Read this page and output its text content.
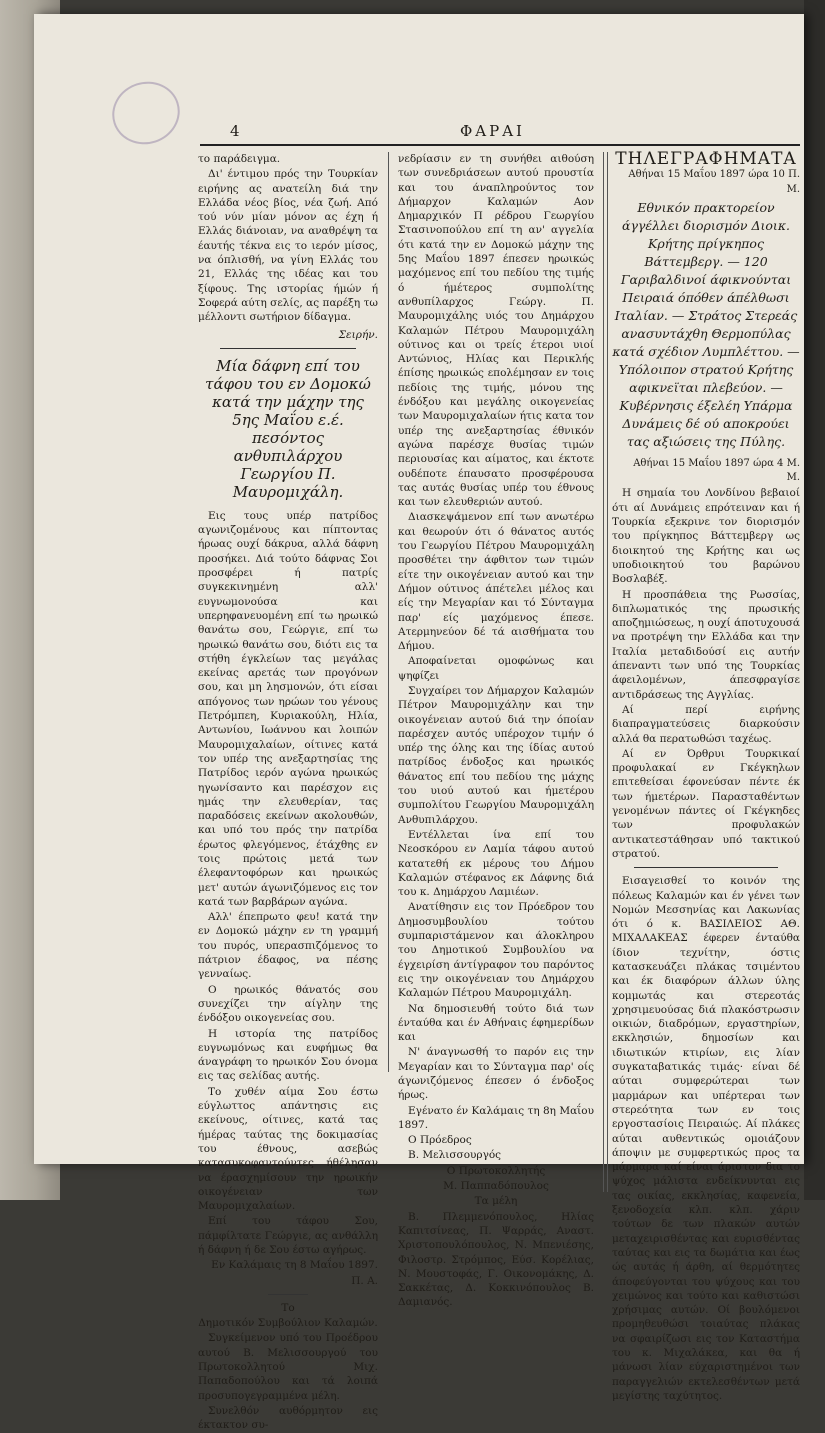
4	ΦΑΡΑΙ

το παράδειγμα.

Δι' έντιμου πρός την Τουρκίαν ειρήνης ας ανατείλη διά την Ελλάδα νέος βίος, νέα ζωή. Από τού νύν μίαν μόνον ας έχη ή Ελλάς διάνοιαν, να αναθρέψη τα έαυτής τέκνα εις το ιερόν μίσος, να όπλισθή, να γίνη Ελλάς του 21, Ελλάς της ιδέας και του ξίφους. Της ιστορίας ήμών ή Σοφερά αύτη σελίς, ας παρέξη τω μέλλοντι σωτήριον δίδαγμα.

Σειρήν.

Μία δάφνη επί του τάφου του εν Δομοκώ κατά την μάχην της 5ης Μαΐου ε.έ. πεσόντος ανθυπιλάρχου Γεωργίου Π. Μαυρομιχάλη.

Εις τους υπέρ πατρίδος αγωνιζομένους και πίπτοντας ήρωας ουχί δάκρυα, αλλά δάφνη προσήκει. Διά τούτο δάφνας Σοι προσφέρει ή πατρίς συγκεκινημένη αλλ' ευγνωμονούσα και υπερηφανευομένη επί τω ηρωικώ θανάτω σου, Γεώργιε, επί τω ηρωικώ θανάτω σου, διότι εις τα στήθη έγκλείων τας μεγάλας εκείνας αρετάς των προγόνων σου, και μη λησμονών, ότι είσαι απόγονος των ηρώων του γένους Πετρόμπεη, Κυριακούλη, Ηλία, Αντωνίου, Ιωάννου και λοιπών Μαυρομιχαλαίων, οίτινες κατά τον υπέρ της ανεξαρτησίας της Πατρίδος ιερόν αγώνα ηρωικώς ηγωνίσαντο και παρέσχον εις ημάς την ελευθερίαν, τας παραδόσεις εκείνων ακολουθών, και υπό του πρός την πατρίδα έρωτος φλεγόμενος, έτάχθης εν τοις πρώτοις μετά των έλεφαντοφόρων και ηρωικώς μετ' αυτών άγωνιζόμενος εις τον κατά των βαρβάρων αγώνα.

Αλλ' έπεπρωτο φευ! κατά την εν Δομοκώ μάχην εν τη γραμμή του πυρός, υπερασπιζόμενος το πάτριον έδαφος, να πέσης γενναίως.

Ο ηρωικός θάνατός σου συνεχίζει την αίγλην της ένδόξου οικογενείας σου.

Η ιστορία της πατρίδος ευγνωμόνως και ευφήμως θα άναγράφη το ηρωικόν Σου όνομα εις τας σελίδας αυτής.

Το χυθέν αίμα Σου έστω εύγλωττος απάντησις εις εκείνους, οίτινες, κατά τας ήμέρας ταύτας της δοκιμασίας του έθνους, ασεβώς κατασυκοφαντούντες ήθέλησαν να έρασχημίσουν την ηρωικήν οικογένειαν των Μαυρομιχαλαίων.

Επί του τάφου Σου, πάμφίλτατε Γεώργιε, ας ανθάλλη ή δάφνη ή δε Σου έστω αγήρως.

Εν Καλάμαις τη 8 Μαΐου 1897.

Π. Α.

Το

Δημοτικόν Συμβούλιον Καλαμών.

Συγκείμενον υπό του Προέδρου αυτού Β. Μελισσουργού του Πρωτοκολλητού Μιχ. Παπαδοπούλου και τά λοιπά προσυπογεγραμμένα μέλη.

Συνελθόν αυθόρμητον εις έκτακτον συ-

νεδρίασιν εν τη συνήθει αιθούση των συνεδριάσεων αυτού προυστία και του άναπληρούντος τον Δήμαρχον Καλαμών Αον Δημαρχικόν Π ρέδρου Γεωργίου Στασινοπούλου επί τη αν' αγγελία ότι κατά την εν Δομοκώ μάχην της 5ης Μαΐου 1897 έπεσεν ηρωικώς μαχόμενος επί του πεδίου της τιμής ό ήμέτερος συμπολίτης ανθυπίλαρχος Γεώργ. Π. Μαυρομιχάλης υιός του Δημάρχου Καλαμών Πέτρου Μαυρομιχάλη ούτινος και οι τρείς έτεροι υιοί Αντώνιος, Ηλίας και Περικλής έπίσης ηρωικώς επολέμησαν εν τοις πεδίοις της τιμής, μόνου της ένδόξου και μεγάλης οικογενείας των Μαυρομιχαλαίων ήτις κατα τον υπέρ της ανεξαρτησίας έθνικόν αγώνα παρέσχε θυσίας τιμών περιουσίας και αίματος, και έκτοτε ουδέποτε έπαυσατο προσφέρουσα τας αυτάς θυσίας υπέρ του έθνους και των ελευθεριών αυτού.

Διασκεψάμενον επί των ανωτέρω και θεωρούν ότι ό θάνατος αυτός του Γεωργίου Πέτρου Μαυρομιχάλη προσθέτει την άφθιτον των τιμών είτε την οικογένειαν αυτού και την Δήμον ούτινος άπέτελει μέλος και είς την Μεγαρίαν και τό Σύνταγμα παρ' είς μαχόμενος έπεσε. Ατερμηνεύον δέ τά αισθήματα του Δήμου.

Αποφαίνεται ομοφώνως και ψηφίζει

Συγχαίρει τον Δήμαρχον Καλαμών Πέτρον Μαυρομιχάλην και την οικογένειαν αυτού διά την όποίαν παρέσχεν αυτός υπέροχον τιμήν ό υπέρ της όλης και της ίδίας αυτού πατρίδος ένδοξος και ηρωικός θάνατος επί του πεδίου της μάχης του υιού αυτού και ήμετέρου συμπολίτου Γεωργίου Μαυρομιχάλη Ανθυπιλάρχου.

Εντέλλεται ίνα επί του Νεοσκόρου εν Λαμία τάφου αυτού κατατεθή εκ μέρους του Δήμου Καλαμών στέφανος εκ Δάφνης διά του κ. Δημάρχου Λαμιέων.

Ανατίθησιν εις τον Πρόεδρον του Δημοσυμβουλίου τούτου συμπαριστάμενον και άλοκληρου του Δημοτικού Συμβουλίου να έγχειρίση άντίγραφον του παρόντος εις την οικογένειαν του Δημάρχου Καλαμών Πέτρου Μαυρομιχάλη.

Να δημοσιευθή τούτο διά των ένταύθα και έν Αθήναις έφημερίδων και

Ν' άναγνωσθή το παρόν εις την Μεγαρίαν και το Σύνταγμα παρ' οίς άγωνιζόμενος έπεσεν ό ένδοξος ήρως.

Εγένατο έν Καλάμαις τη 8η Μαΐου 1897.

Ο Πρόεδρος

Β. Μελισσουργός

Ο Πρωτοκολλητής

Μ. Παππαδόπουλος

Τα μέλη

Β. Πλεμμενόπουλος, Ηλίας Καπιτσίνεας, Π. Ψαρράς, Αναστ. Χριστοπουλόπουλος, Ν. Μπενιέσης, Φιλοστρ. Στρόμπος, Εύσ. Κορέλιας, Ν. Μουστοφάς, Γ. Οικονομάκης, Δ. Σακκέτας, Δ. Κοκκινόπουλος Β. Δαμιανός.

ΤΗΛΕΓΡΑΦΗΜΑΤΑ

Αθήναι 15 Μαΐου 1897 ώρα 10 Π. Μ.

Εθνικόν πρακτορείον άγγέλλει διορισμόν Διοικ. Κρήτης πρίγκηπος Βάττεμβεργ. — 120 Γαριβαλδινοί άφικνούνται Πειραιά όπόθεν άπέλθωσι Ιταλίαν. — Στράτος Στερεάς ανασυντάχθη Θερμοπύλας κατά σχέδιον Λυμπλέττου. — Υπόλοιπον στρατού Κρήτης αφικνεϊται πλεβεύον. — Κυβέρνησις έξελέη Υπάρμα Δυνάμεις δέ ού αποκρούει τας αξιώσεις της Πύλης.

Αθήναι 15 Μαΐου 1897 ώρα 4 Μ. Μ.

Η σημαία του Λονδίνου βεβαιοί ότι αί Δυνάμεις επρότειναν και ή Τουρκία εξεκρινε τον διορισμόν του πρίγκηπος Βάττεμβεργ ως διοικητού της Κρήτης και ως υποδιοικητού του βαρώνου Βοσλαβέξ.

Η προσπάθεια της Ρωσσίας, διπλωματικός της πρωσικής αποζημιώσεως, η ουχί άποτυχουσά να προτρέψη την Ελλάδα και την Ιταλία μεταδιδούσί εις αυτήν άπεναντι των υπό της Τουρκίας άφειλομένων, άπεσφραγίσε αντιδράσεως της Αγγλίας.

Αί περί ειρήνης διαπραγματεύσεις διαρκούσιν αλλά θα περατωθώσι ταχέως.

Αί εν Όρθρυι Τουρκικαί προφυλακαί εν Γκέγκηλων επιτεθείσαι έφονεύσαν πέντε έκ των ήμετέρων. Παρασταθέντων γενομένων πάντες οί Γκέγκηδες των προφυλακών αντικατεστάθησαν υπό τακτικού στρατού.

Εισαγεισθεί το κοινόν της πόλεως Καλαμών και έν γένει των Νομών Μεσσηνίας και Λακωνίας ότι ό κ. ΒΑΣΙΛΕΙΟΣ ΑΘ. ΜΙΧΑΛΑΚΕΑΣ έφερεν ένταύθα ίδιον τεχνίτην, όστις κατασκευάζει πλάκας τσιμέντου και έκ διαφόρων άλλων ύλης κομμωτάς και στερεοτάς χρησιμευούσας διά πλακόστρωσιν οικιών, διαδρόμων, εργαστηρίων, εκκλησιών, δημοσίων και ιδιωτικών κτιρίων, εις λίαν συγκαταβατικάς τιμάς· είναι δέ αύται συμφερώτεραι των μαρμάρων και υπέρτεραι των στερεότητα των εν τοις εργοστασίοις Πειραιώς. Αί πλάκες αύται αυθεντικώς ομοιάζουν άποψιν με συμφερτικώς προς τα μάρμαρα καί είναι άριστον δια το ψύχος μάλιστα ενδείκνυνται εις τας οικίας, εκκλησίας, καφενεία, ξενοδοχεία κλπ. κλπ. χάριν τούτων δε των πλακών αυτών μεταχειρισθέντας και ευρισθέντας ταύτας και εις τα δωμάτια και έως ώς αυτάς ή άρθη, αί θερμότητες άποφεύγονται του ψύχους και του χειμώνος και τούτο και καθιστώσι χρήσιμας αυτών. Οί βουλόμενοι προμηθευθώσι τοιαύτας πλάκας να σφαιρίζωσι εις τον Καταστήμα του κ. Μιχαλάκεα, και θα ή μάνωσι λίαν εύχαριστημένοι των παραγγελιών εκτελεσθέντων μετά μεγίστης ταχύτητος.
